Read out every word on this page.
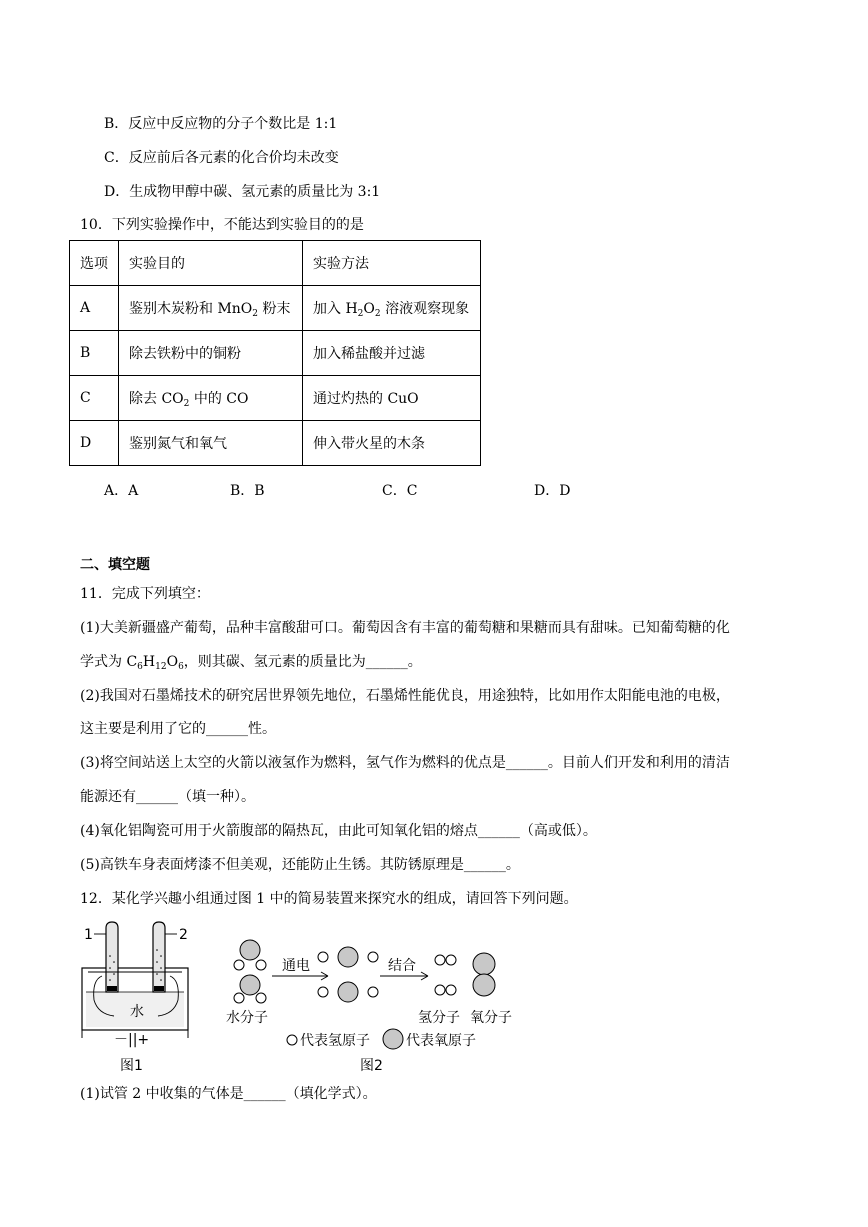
B．反应中反应物的分子个数比是 1:1
C．反应前后各元素的化合价均未改变
D．生成物甲醇中碳、氢元素的质量比为 3:1
10．下列实验操作中，不能达到实验目的的是
选项	实验目的	实验方法
A	鉴别木炭粉和 MnO$_2$ 粉末	加入 $H_2O_2$ 溶液观察现象
B	除去铁粉中的铜粉	加入稀盐酸并过滤
C	除去 $CO_2$ 中的 CO	通过灼热的 CuO
D	鉴别氮气和氧气	伸入带火星的木条
A．A	B．B	C．C	D．D
二、填空题
11．完成下列填空：
(1)大美新疆盛产葡萄，品种丰富酸甜可口。葡萄因含有丰富的葡萄糖和果糖而具有甜味。已知葡萄糖的化
学式为 $C_6H_{12}O_6$，则其碳、氢元素的质量比为______。
(2)我国对石墨烯技术的研究居世界领先地位，石墨烯性能优良，用途独特，比如用作太阳能电池的电极，
这主要是利用了它的______性。
(3)将空间站送上太空的火箭以液氢作为燃料，氢气作为燃料的优点是______。目前人们开发和利用的清洁
能源还有______（填一种）。
(4)氧化铝陶瓷可用于火箭腹部的隔热瓦，由此可知氧化铝的熔点______（高或低）。
(5)高铁车身表面烤漆不但美观，还能防止生锈。其防锈原理是______。
12．某化学兴趣小组通过图 1 中的简易装置来探究水的组成，请回答下列问题。
1	2
水
－||+
图1
通电	结合
水分子	氢分子 氧分子
代表氢原子	代表氧原子
图2
(1)试管 2 中收集的气体是______（填化学式）。
